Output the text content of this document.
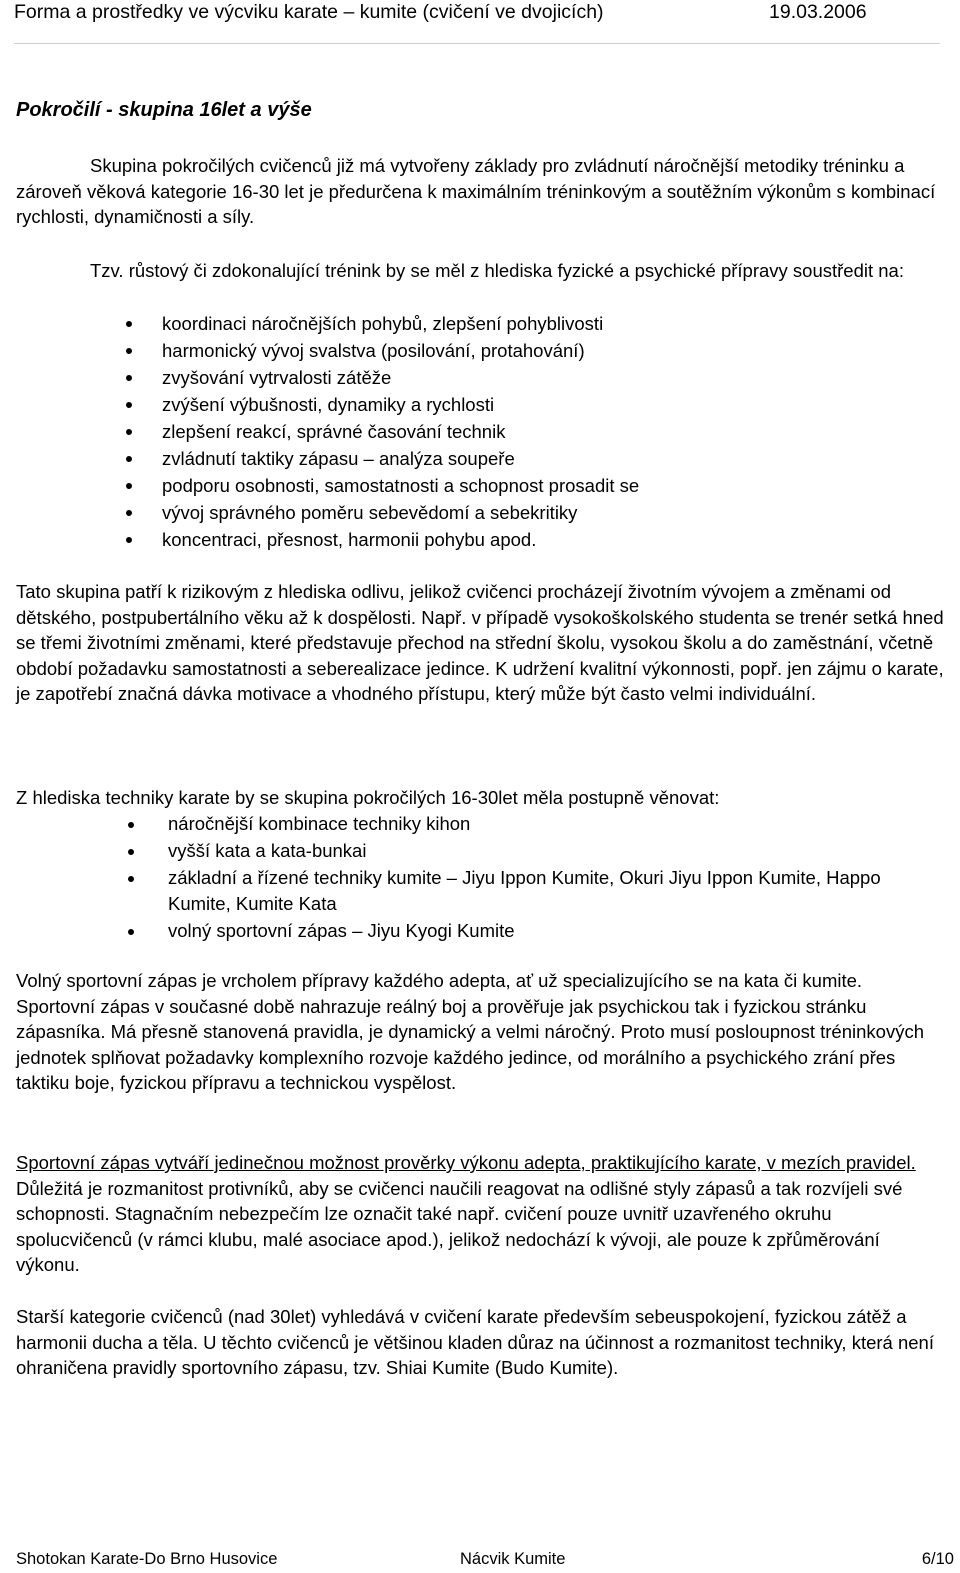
Forma a prostředky ve výcviku karate – kumite (cvičení ve dvojicích)	19.03.2006
Pokročilí - skupina 16let a výše

Skupina pokročilých cvičenců již má vytvořeny základy pro zvládnutí náročnější metodiky tréninku a zároveň věková kategorie 16-30 let je předurčena k maximálním tréninkovým a soutěžním výkonům s kombinací rychlosti, dynamičnosti a síly.

Tzv. růstový či zdokonalující trénink by se měl z hlediska fyzické a psychické přípravy soustředit na:

koordinaci náročnějších pohybů, zlepšení pohyblivosti
harmonický vývoj svalstva (posilování, protahování)
zvyšování vytrvalosti zátěže
zvýšení výbušnosti, dynamiky a rychlosti
zlepšení reakcí, správné časování technik
zvládnutí taktiky zápasu – analýza soupeře
podporu osobnosti, samostatnosti a schopnost prosadit se
vývoj správného poměru sebevědomí a sebekritiky
koncentraci, přesnost, harmonii pohybu apod.

Tato skupina patří k rizikovým z hlediska odlivu, jelikož cvičenci procházejí životním vývojem a změnami od dětského, postpubertálního věku až k dospělosti. Např. v případě vysokoškolského studenta se trenér setká hned se třemi životními změnami, které představuje přechod na střední školu, vysokou školu a do zaměstnání, včetně období požadavku samostatnosti a seberealizace jedince. K udržení kvalitní výkonnosti, popř. jen zájmu o karate, je zapotřebí značná dávka motivace a vhodného přístupu, který může být často velmi individuální.

Z hlediska techniky karate by se skupina pokročilých 16-30let měla postupně věnovat:

náročnější kombinace techniky kihon
vyšší kata a kata-bunkai
základní a řízené techniky kumite – Jiyu Ippon Kumite, Okuri Jiyu Ippon Kumite, Happo Kumite, Kumite Kata
volný sportovní zápas – Jiyu Kyogi Kumite

Volný sportovní zápas je vrcholem přípravy každého adepta, ať už specializujícího se na kata či kumite. Sportovní zápas v současné době nahrazuje reálný boj a prověřuje jak psychickou tak i fyzickou stránku zápasníka. Má přesně stanovená pravidla, je dynamický a velmi náročný. Proto musí posloupnost tréninkových jednotek splňovat požadavky komplexního rozvoje každého jedince, od morálního a psychického zrání přes taktiku boje, fyzickou přípravu a technickou vyspělost.

Sportovní zápas vytváří jedinečnou možnost prověrky výkonu adepta, praktikujícího karate, v mezích pravidel. Důležitá je rozmanitost protivníků, aby se cvičenci naučili reagovat na odlišné styly zápasů a tak rozvíjeli své schopnosti. Stagnačním nebezpečím lze označit také např. cvičení pouze uvnitř uzavřeného okruhu spolucvičenců (v rámci klubu, malé asociace apod.), jelikož nedochází k vývoji, ale pouze k zpřůměrování výkonu.

Starší kategorie cvičenců (nad 30let) vyhledává v cvičení karate především sebeuspokojení, fyzickou zátěž a harmonii ducha a těla. U těchto cvičenců je většinou kladen důraz na účinnost a rozmanitost techniky, která není ohraničena pravidly sportovního zápasu, tzv. Shiai Kumite (Budo Kumite).

Shotokan Karate-Do Brno Husovice	Nácvik Kumite	6/10
